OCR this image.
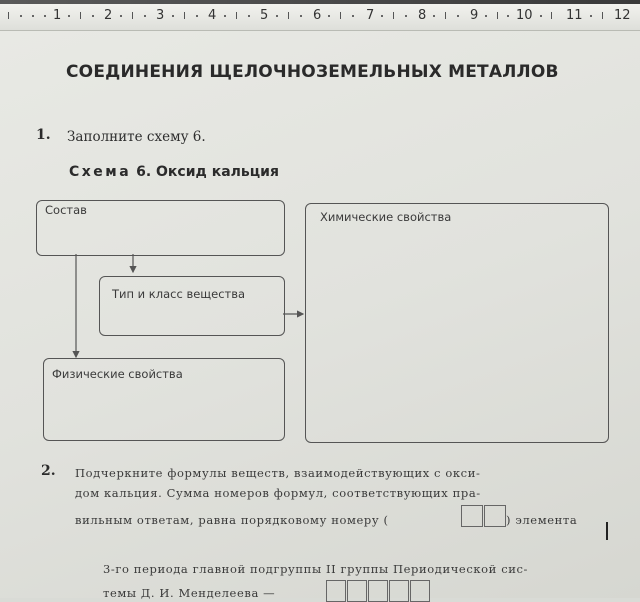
1	2	3	4	5	6	7	8	9	10	11 12
СОЕДИНЕНИЯ ЩЕЛОЧНОЗЕМЕЛЬНЫХ МЕТАЛЛОВ
1. Заполните схему 6.
Схема 6. Оксид кальция
Состав	Химические свойства
Тип и класс вещества
Физические свойства
2. Подчеркните формулы веществ, взаимодействующих с окси-
дом кальция. Сумма номеров формул, соответствующих пра-
вильным ответам, равна порядковому номеру (	) элемента
3-го периода главной подгруппы II группы Периодической сис-
темы Д. И. Менделеева —
